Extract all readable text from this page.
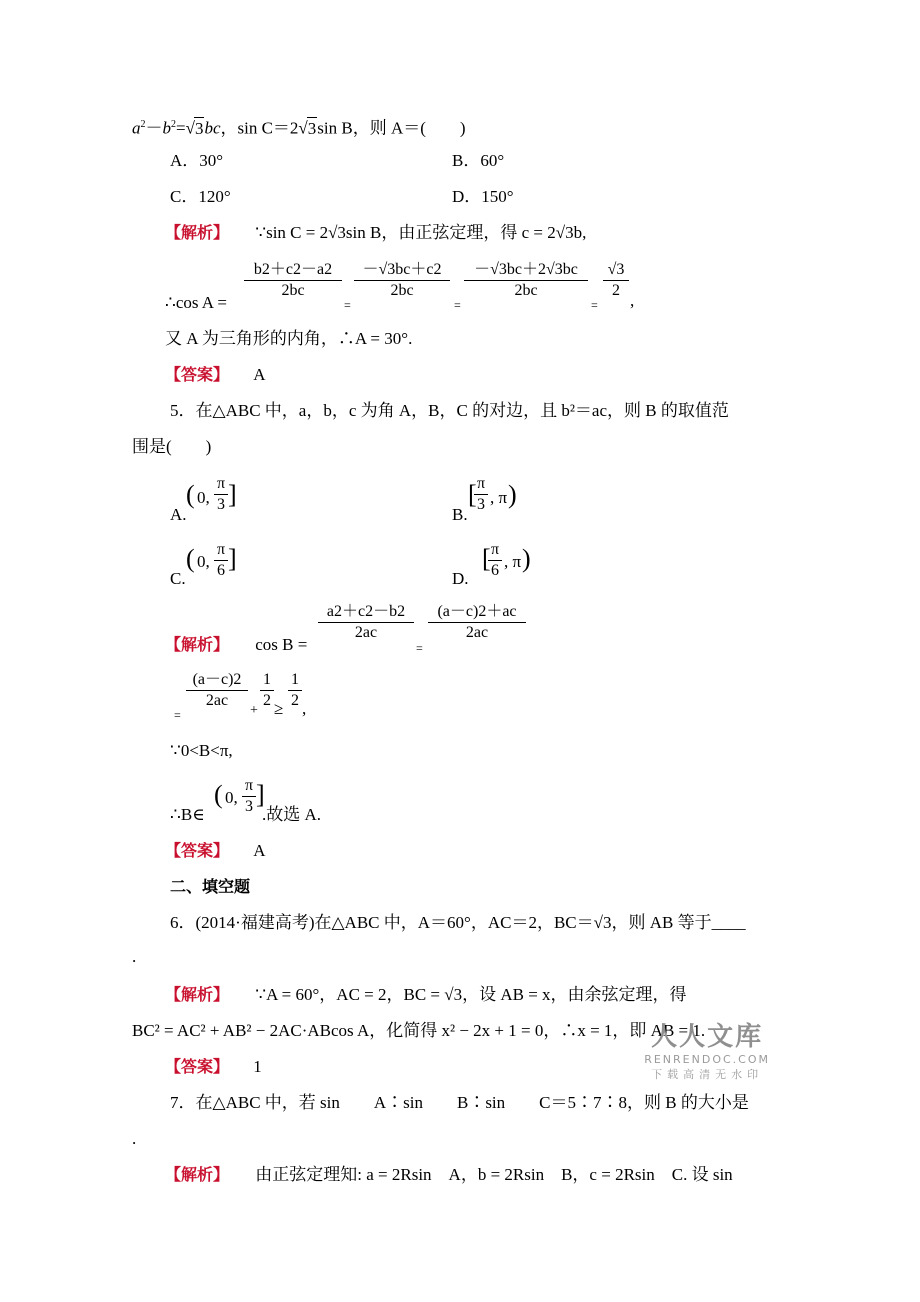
$a^2-b^2=√3bc$，sin C＝2√3sin B，则 A＝(　　)
A．30°	B．60°
C．120°	D．150°
【解析】 ∵sin C = 2√3sin B，由正弦定理，得 c = 2√3b,
∴cos A =
$\frac{b2+c2-a2}{2bc}$
=
$\frac{-√3bc+c2}{2bc}$
=
$\frac{-√3bc+2√3bc}{2bc}$
=
$\frac{√3}{2}$ ,
又 A 为三角形的内角，∴A = 30°.
【答案】 A
5．在△ABC 中，a，b，c 为角 A，B，C 的对边，且 b²＝ac，则 B 的取值范
围是(　　)
A.
( 0, $\frac{\pi}{3}$ ]
B.
[
$\frac{\pi}{3}$ , π )
C.
( 0, $\frac{\pi}{6}$ ]
D.
[
$\frac{\pi}{6}$ , π )
【解析】 cos B =
$\frac{a2+c2-b2}{2ac}$
=
$\frac{(a-c)2+ac}{2ac}$
=
$\frac{(a-c)2}{2ac} + \frac{1}{2} \ge \frac{1}{2}$ ,
∵0<B<π,
∴B∈
( 0, $\frac{\pi}{3}$ ]
.故选 A.
【答案】 A
二、填空题
6．(2014·福建高考)在△ABC 中，A＝60°，AC＝2，BC＝√3，则 AB 等于____
.
【解析】 ∵A = 60°，AC = 2，BC = √3，设 AB = x，由余弦定理，得
BC² = AC² + AB² − 2AC·ABcos A，化简得 x² − 2x + 1 = 0，∴x = 1，即 AB = 1.
【答案】 1
人人文库
RENRENDOC.COM
下载高清无水印
7．在△ABC 中，若 sin　　A∶sin　　B∶sin　　C＝5∶7∶8，则 B 的大小是
.
【解析】 由正弦定理知: a = 2Rsin　A，b = 2Rsin　B，c = 2Rsin　C. 设 sin
